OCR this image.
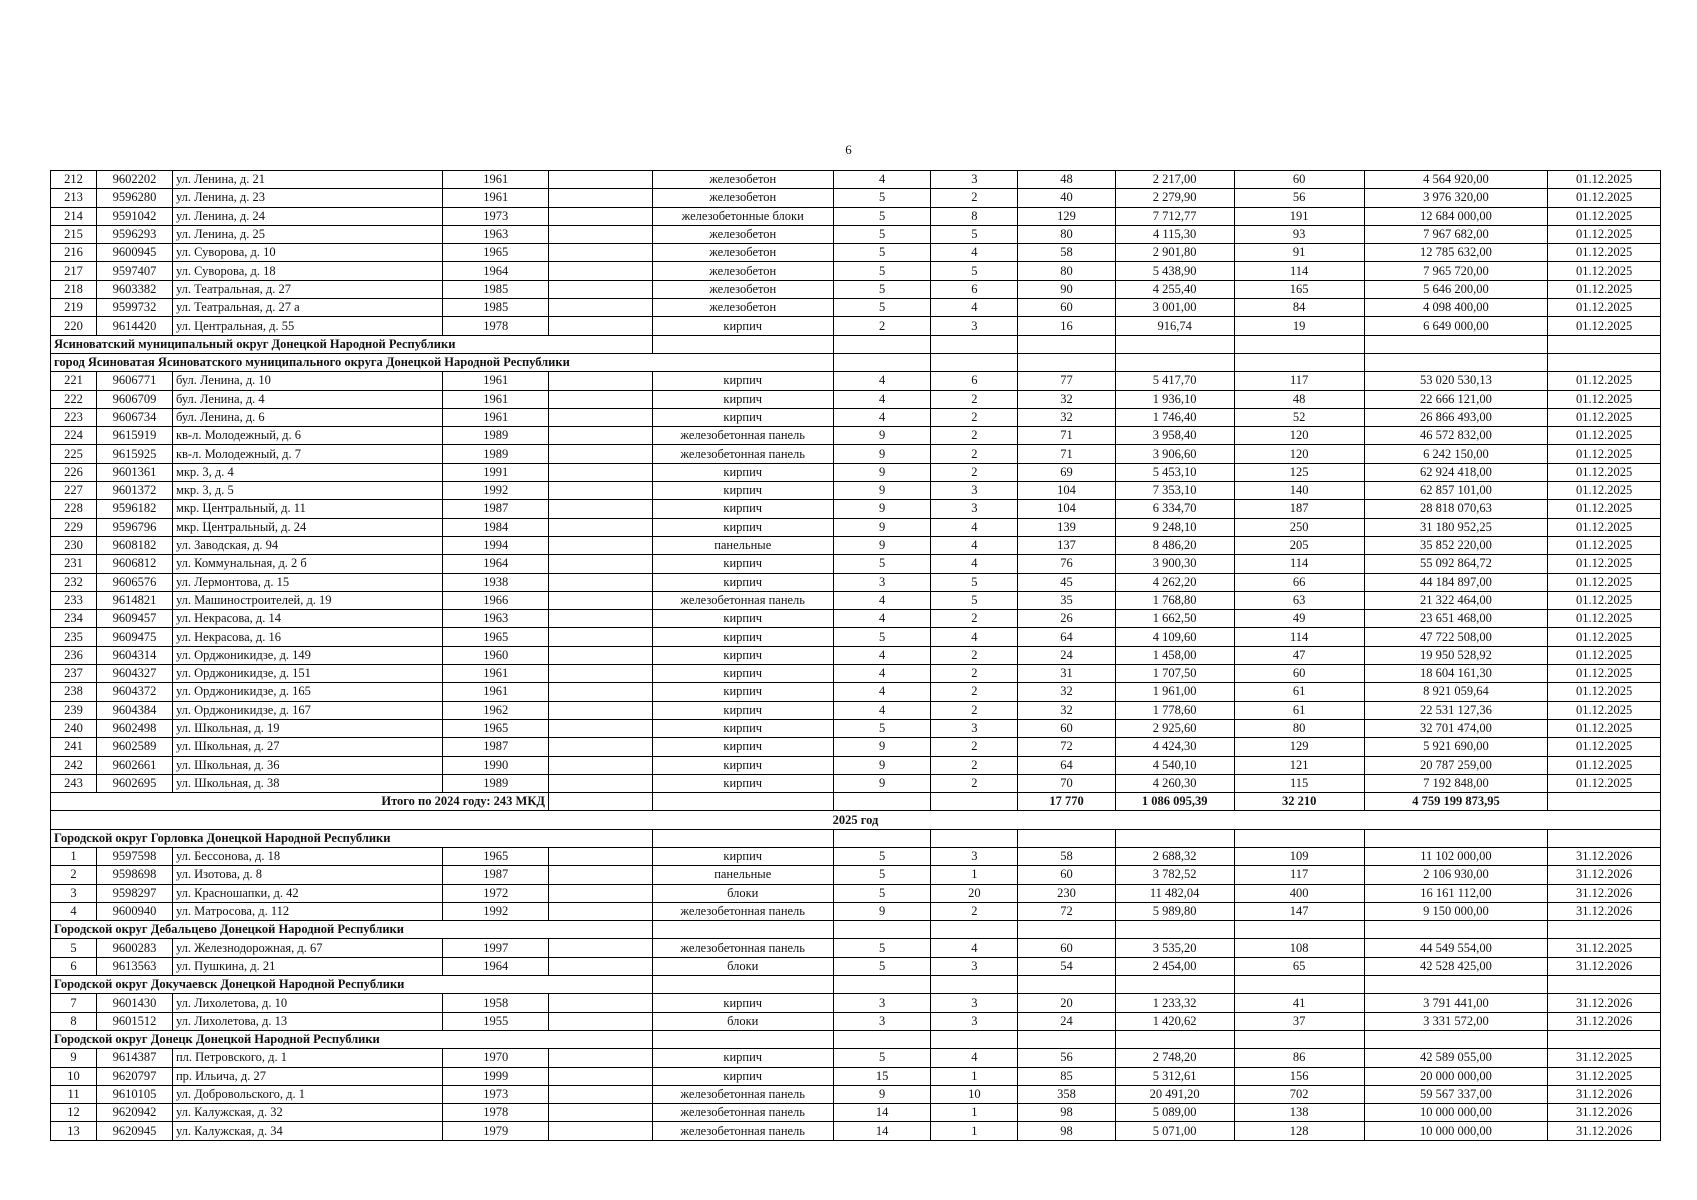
6
212	9602202	ул. Ленина, д. 21	1961		железобетон	4	3	48	2 217,00	60	4 564 920,00	01.12.2025
213	9596280	ул. Ленина, д. 23	1961		железобетон	5	2	40	2 279,90	56	3 976 320,00	01.12.2025
214	9591042	ул. Ленина, д. 24	1973		железобетонные блоки	5	8	129	7 712,77	191	12 684 000,00	01.12.2025
215	9596293	ул. Ленина, д. 25	1963		железобетон	5	5	80	4 115,30	93	7 967 682,00	01.12.2025
216	9600945	ул. Суворова, д. 10	1965		железобетон	5	4	58	2 901,80	91	12 785 632,00	01.12.2025
217	9597407	ул. Суворова, д. 18	1964		железобетон	5	5	80	5 438,90	114	7 965 720,00	01.12.2025
218	9603382	ул. Театральная, д. 27	1985		железобетон	5	6	90	4 255,40	165	5 646 200,00	01.12.2025
219	9599732	ул. Театральная, д. 27 а	1985		железобетон	5	4	60	3 001,00	84	4 098 400,00	01.12.2025
220	9614420	ул. Центральная, д. 55	1978		кирпич	2	3	16	916,74	19	6 649 000,00	01.12.2025
Ясиноватский муниципальный округ Донецкой Народной Республики												
город Ясиноватая Ясиноватского муниципального округа Донецкой Народной Республики												
221	9606771	бул. Ленина, д. 10	1961		кирпич	4	6	77	5 417,70	117	53 020 530,13	01.12.2025
222	9606709	бул. Ленина, д. 4	1961		кирпич	4	2	32	1 936,10	48	22 666 121,00	01.12.2025
223	9606734	бул. Ленина, д. 6	1961		кирпич	4	2	32	1 746,40	52	26 866 493,00	01.12.2025
224	9615919	кв-л. Молодежный, д. 6	1989		железобетонная панель	9	2	71	3 958,40	120	46 572 832,00	01.12.2025
225	9615925	кв-л. Молодежный, д. 7	1989		железобетонная панель	9	2	71	3 906,60	120	6 242 150,00	01.12.2025
226	9601361	мкр. 3, д. 4	1991		кирпич	9	2	69	5 453,10	125	62 924 418,00	01.12.2025
227	9601372	мкр. 3, д. 5	1992		кирпич	9	3	104	7 353,10	140	62 857 101,00	01.12.2025
228	9596182	мкр. Центральный, д. 11	1987		кирпич	9	3	104	6 334,70	187	28 818 070,63	01.12.2025
229	9596796	мкр. Центральный, д. 24	1984		кирпич	9	4	139	9 248,10	250	31 180 952,25	01.12.2025
230	9608182	ул. Заводская, д. 94	1994		панельные	9	4	137	8 486,20	205	35 852 220,00	01.12.2025
231	9606812	ул. Коммунальная, д. 2 б	1964		кирпич	5	4	76	3 900,30	114	55 092 864,72	01.12.2025
232	9606576	ул. Лермонтова, д. 15	1938		кирпич	3	5	45	4 262,20	66	44 184 897,00	01.12.2025
233	9614821	ул. Машиностроителей, д. 19	1966		железобетонная панель	4	5	35	1 768,80	63	21 322 464,00	01.12.2025
234	9609457	ул. Некрасова, д. 14	1963		кирпич	4	2	26	1 662,50	49	23 651 468,00	01.12.2025
235	9609475	ул. Некрасова, д. 16	1965		кирпич	5	4	64	4 109,60	114	47 722 508,00	01.12.2025
236	9604314	ул. Орджоникидзе, д. 149	1960		кирпич	4	2	24	1 458,00	47	19 950 528,92	01.12.2025
237	9604327	ул. Орджоникидзе, д. 151	1961		кирпич	4	2	31	1 707,50	60	18 604 161,30	01.12.2025
238	9604372	ул. Орджоникидзе, д. 165	1961		кирпич	4	2	32	1 961,00	61	8 921 059,64	01.12.2025
239	9604384	ул. Орджоникидзе, д. 167	1962		кирпич	4	2	32	1 778,60	61	22 531 127,36	01.12.2025
240	9602498	ул. Школьная, д. 19	1965		кирпич	5	3	60	2 925,60	80	32 701 474,00	01.12.2025
241	9602589	ул. Школьная, д. 27	1987		кирпич	9	2	72	4 424,30	129	5 921 690,00	01.12.2025
242	9602661	ул. Школьная, д. 36	1990		кирпич	9	2	64	4 540,10	121	20 787 259,00	01.12.2025
243	9602695	ул. Школьная, д. 38	1989		кирпич	9	2	70	4 260,30	115	7 192 848,00	01.12.2025
Итого по 2024 году: 243 МКД								17 770	1 086 095,39	32 210	4 759 199 873,95	
2025 год												
Городской округ Горловка Донецкой Народной Республики												
1	9597598	ул. Бессонова, д. 18	1965		кирпич	5	3	58	2 688,32	109	11 102 000,00	31.12.2026
2	9598698	ул. Изотова, д. 8	1987		панельные	5	1	60	3 782,52	117	2 106 930,00	31.12.2026
3	9598297	ул. Красношапки, д. 42	1972		блоки	5	20	230	11 482,04	400	16 161 112,00	31.12.2026
4	9600940	ул. Матросова, д. 112	1992		железобетонная панель	9	2	72	5 989,80	147	9 150 000,00	31.12.2026
Городской округ Дебальцево Донецкой Народной Республики												
5	9600283	ул. Железнодорожная, д. 67	1997		железобетонная панель	5	4	60	3 535,20	108	44 549 554,00	31.12.2025
6	9613563	ул. Пушкина, д. 21	1964		блоки	5	3	54	2 454,00	65	42 528 425,00	31.12.2026
Городской округ Докучаевск Донецкой Народной Республики												
7	9601430	ул. Лихолетова, д. 10	1958		кирпич	3	3	20	1 233,32	41	3 791 441,00	31.12.2026
8	9601512	ул. Лихолетова, д. 13	1955		блоки	3	3	24	1 420,62	37	3 331 572,00	31.12.2026
Городской округ Донецк Донецкой Народной Республики												
9	9614387	пл. Петровского, д. 1	1970		кирпич	5	4	56	2 748,20	86	42 589 055,00	31.12.2025
10	9620797	пр. Ильича, д. 27	1999		кирпич	15	1	85	5 312,61	156	20 000 000,00	31.12.2025
11	9610105	ул. Добровольского, д. 1	1973		железобетонная панель	9	10	358	20 491,20	702	59 567 337,00	31.12.2026
12	9620942	ул. Калужская, д. 32	1978		железобетонная панель	14	1	98	5 089,00	138	10 000 000,00	31.12.2026
13	9620945	ул. Калужская, д. 34	1979		железобетонная панель	14	1	98	5 071,00	128	10 000 000,00	31.12.2026
